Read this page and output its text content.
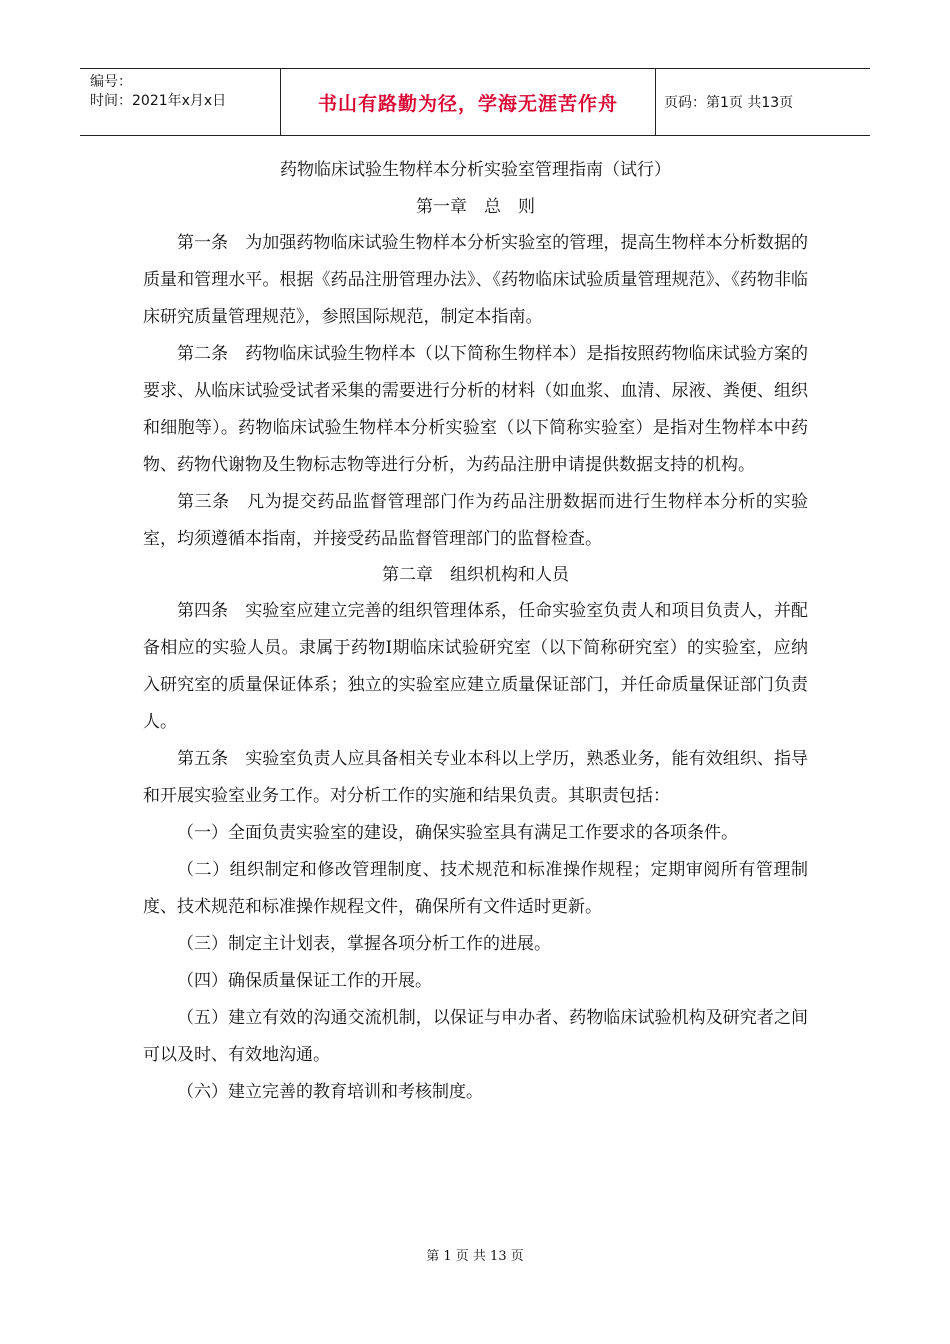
编号：
时间：2021年x月x日	书山有路勤为径，学海无涯苦作舟	页码：第1页 共13页

药物临床试验生物样本分析实验室管理指南（试行）

第一章　总　则

第一条　为加强药物临床试验生物样本分析实验室的管理，提高生物样本分析数据的质量和管理水平。根据《药品注册管理办法》、《药物临床试验质量管理规范》、《药物非临床研究质量管理规范》，参照国际规范，制定本指南。

第二条　药物临床试验生物样本（以下简称生物样本）是指按照药物临床试验方案的要求、从临床试验受试者采集的需要进行分析的材料（如血浆、血清、尿液、粪便、组织和细胞等）。药物临床试验生物样本分析实验室（以下简称实验室）是指对生物样本中药物、药物代谢物及生物标志物等进行分析，为药品注册申请提供数据支持的机构。

第三条　凡为提交药品监督管理部门作为药品注册数据而进行生物样本分析的实验室，均须遵循本指南，并接受药品监督管理部门的监督检查。

第二章　组织机构和人员

第四条　实验室应建立完善的组织管理体系，任命实验室负责人和项目负责人，并配备相应的实验人员。隶属于药物Ⅰ期临床试验研究室（以下简称研究室）的实验室，应纳入研究室的质量保证体系；独立的实验室应建立质量保证部门，并任命质量保证部门负责人。

第五条　实验室负责人应具备相关专业本科以上学历，熟悉业务，能有效组织、指导和开展实验室业务工作。对分析工作的实施和结果负责。其职责包括：

（一）全面负责实验室的建设，确保实验室具有满足工作要求的各项条件。

（二）组织制定和修改管理制度、技术规范和标准操作规程；定期审阅所有管理制度、技术规范和标准操作规程文件，确保所有文件适时更新。

（三）制定主计划表，掌握各项分析工作的进展。

（四）确保质量保证工作的开展。

（五）建立有效的沟通交流机制，以保证与申办者、药物临床试验机构及研究者之间可以及时、有效地沟通。

（六）建立完善的教育培训和考核制度。

第 1 页 共 13 页
